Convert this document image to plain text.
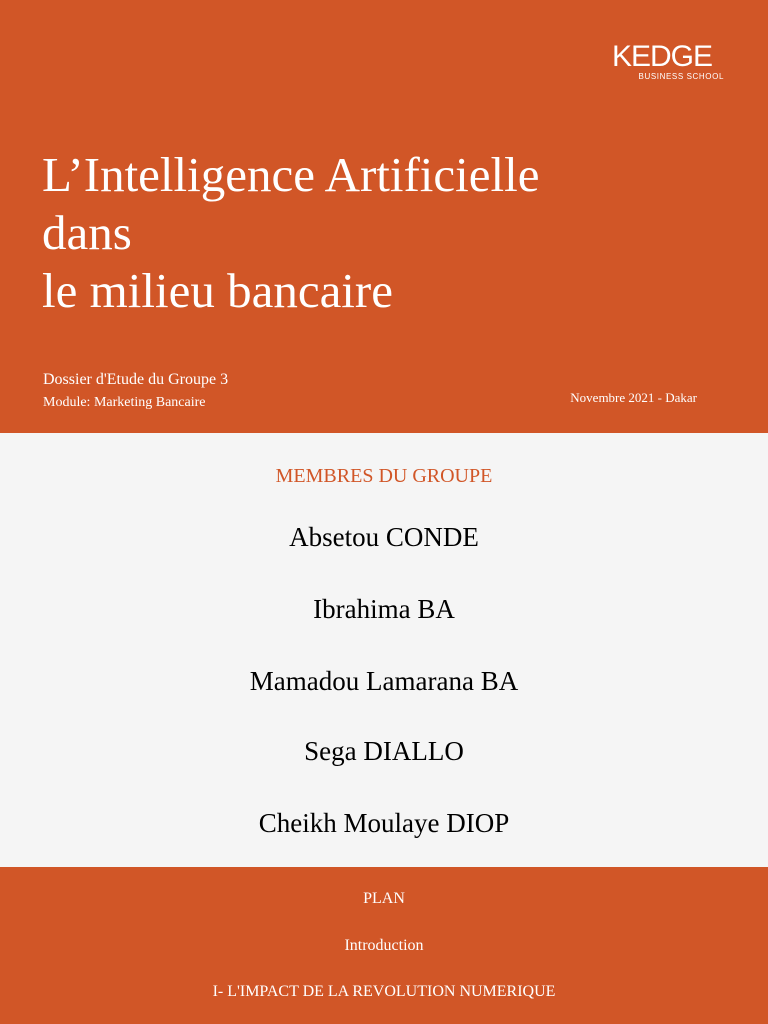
KEDGE
BUSINESS SCHOOL
L’Intelligence Artificielle
dans
le milieu bancaire
Dossier d'Etude du Groupe 3
Module: Marketing Bancaire	Novembre 2021 - Dakar
MEMBRES DU GROUPE
Absetou CONDE
Ibrahima BA
Mamadou Lamarana BA
Sega DIALLO
Cheikh Moulaye DIOP
PLAN
Introduction
I- L'IMPACT DE LA REVOLUTION NUMERIQUE
